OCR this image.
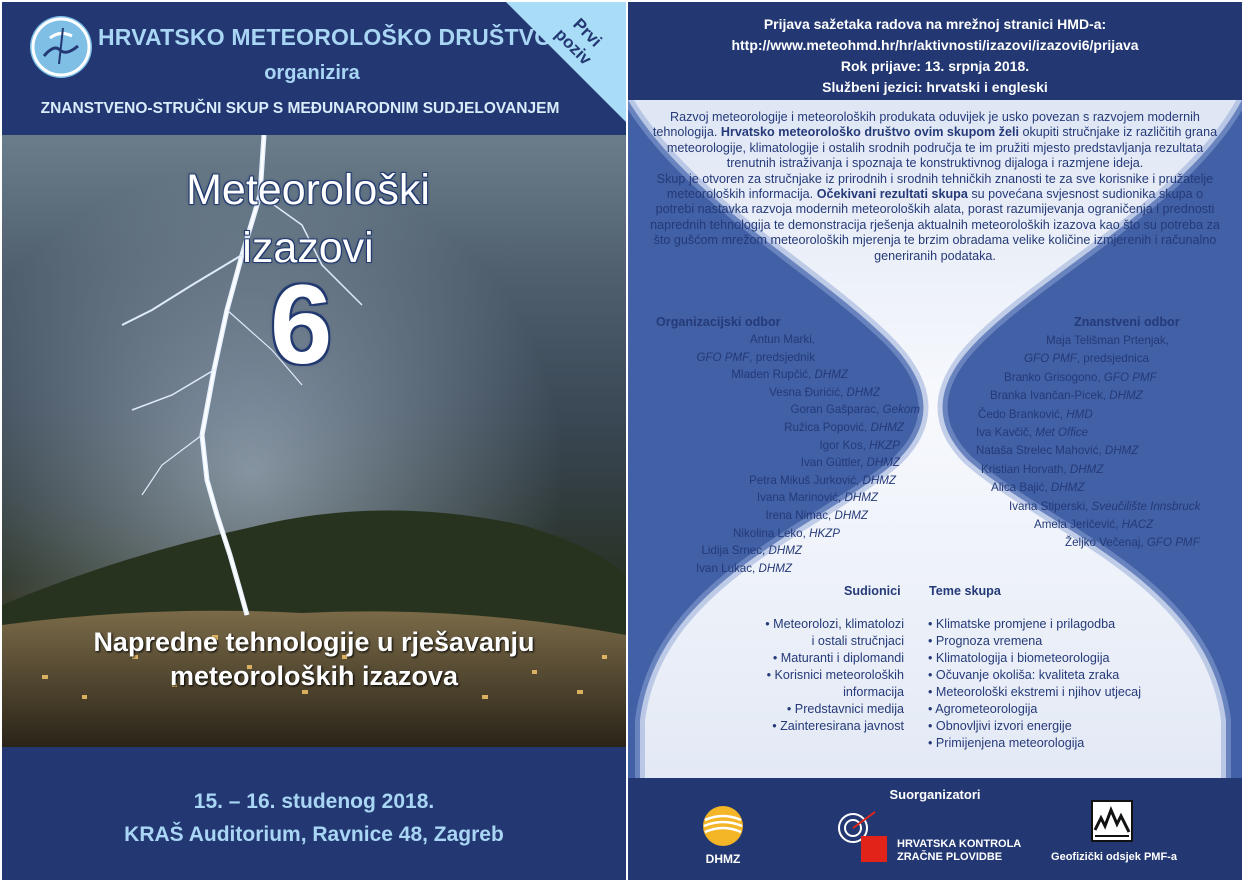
HRVATSKO METEOROLOŠKO DRUŠTVO
organizira
ZNANSTVENO-STRUČNI SKUP S MEĐUNARODNIM SUDJELOVANJEM
Prvi poziv
Meteorološki
izazovi
6
Napredne tehnologije u rješavanju meteoroloških izazova
15. – 16. studenog 2018.
KRAŠ Auditorium, Ravnice 48, Zagreb
Prijava sažetaka radova na mrežnoj stranici HMD-a:
http://www.meteohmd.hr/hr/aktivnosti/izazovi/izazovi6/prijava
Rok prijave: 13. srpnja 2018.
Službeni jezici: hrvatski i engleski

Razvoj meteorologije i meteoroloških produkata oduvijek je usko povezan s razvojem modernih tehnologija. Hrvatsko meteorološko društvo ovim skupom želi okupiti stručnjake iz različitih grana meteorologije, klimatologije i ostalih srodnih područja te im pružiti mjesto predstavljanja rezultata trenutnih istraživanja i spoznaja te konstruktivnog dijaloga i razmjene ideja.

Skup je otvoren za stručnjake iz prirodnih i srodnih tehničkih znanosti te za sve korisnike i pružatelje meteoroloških informacija. Očekivani rezultati skupa su povećana svjesnost sudionika skupa o potrebi nastavka razvoja modernih meteoroloških alata, porast razumijevanja ograničenja i prednosti naprednih tehnologija te demonstracija rješenja aktualnih meteoroloških izazova kao što su potreba za što gušćom mrežom meteoroloških mjerenja te brzim obradama velike količine izmjerenih i računalno generiranih podataka.

Organizacijski odbor	Znanstveni odbor
Antun Marki,
GFO PMF, predsjednik
Mladen Rupčić, DHMZ
Vesna Đurićić, DHMZ
Goran Gašparac, Gekom
Ružica Popović, DHMZ
Igor Kos, HKZP
Ivan Güttler, DHMZ
Petra Mikuš Jurković, DHMZ
Ivana Marinović, DHMZ
Irena Nimac, DHMZ
Nikolina Leko, HKZP
Lidija Srnec, DHMZ
Ivan Lukac, DHMZ
Maja Telišman Prtenjak,
GFO PMF, predsjednica
Branko Grisogono, GFO PMF
Branka Ivančan-Picek, DHMZ
Čedo Branković, HMD
Iva Kavčič, Met Office
Nataša Strelec Mahović, DHMZ
Kristian Horvath, DHMZ
Alica Bajić, DHMZ
Ivana Stiperski, Sveučilište Innsbruck
Amela Jeričević, HACZ
Željko Večenaj, GFO PMF
Sudionici Teme skupa
• Meteorolozi, klimatolozi
i ostali stručnjaci
• Maturanti i diplomandi
• Korisnici meteoroloških
informacija
• Predstavnici medija
• Zainteresirana javnost
• Klimatske promjene i prilagodba
• Prognoza vremena
• Klimatologija i biometeorologija
• Očuvanje okoliša: kvaliteta zraka
• Meteorološki ekstremi i njihov utjecaj
• Agrometeorologija
• Obnovljivi izvori energije
• Primijenjena meteorologija
Suorganizatori
DHMZ
HRVATSKA KONTROLA
ZRAČNE PLOVIDBE	Geofizički odsjek PMF-a
